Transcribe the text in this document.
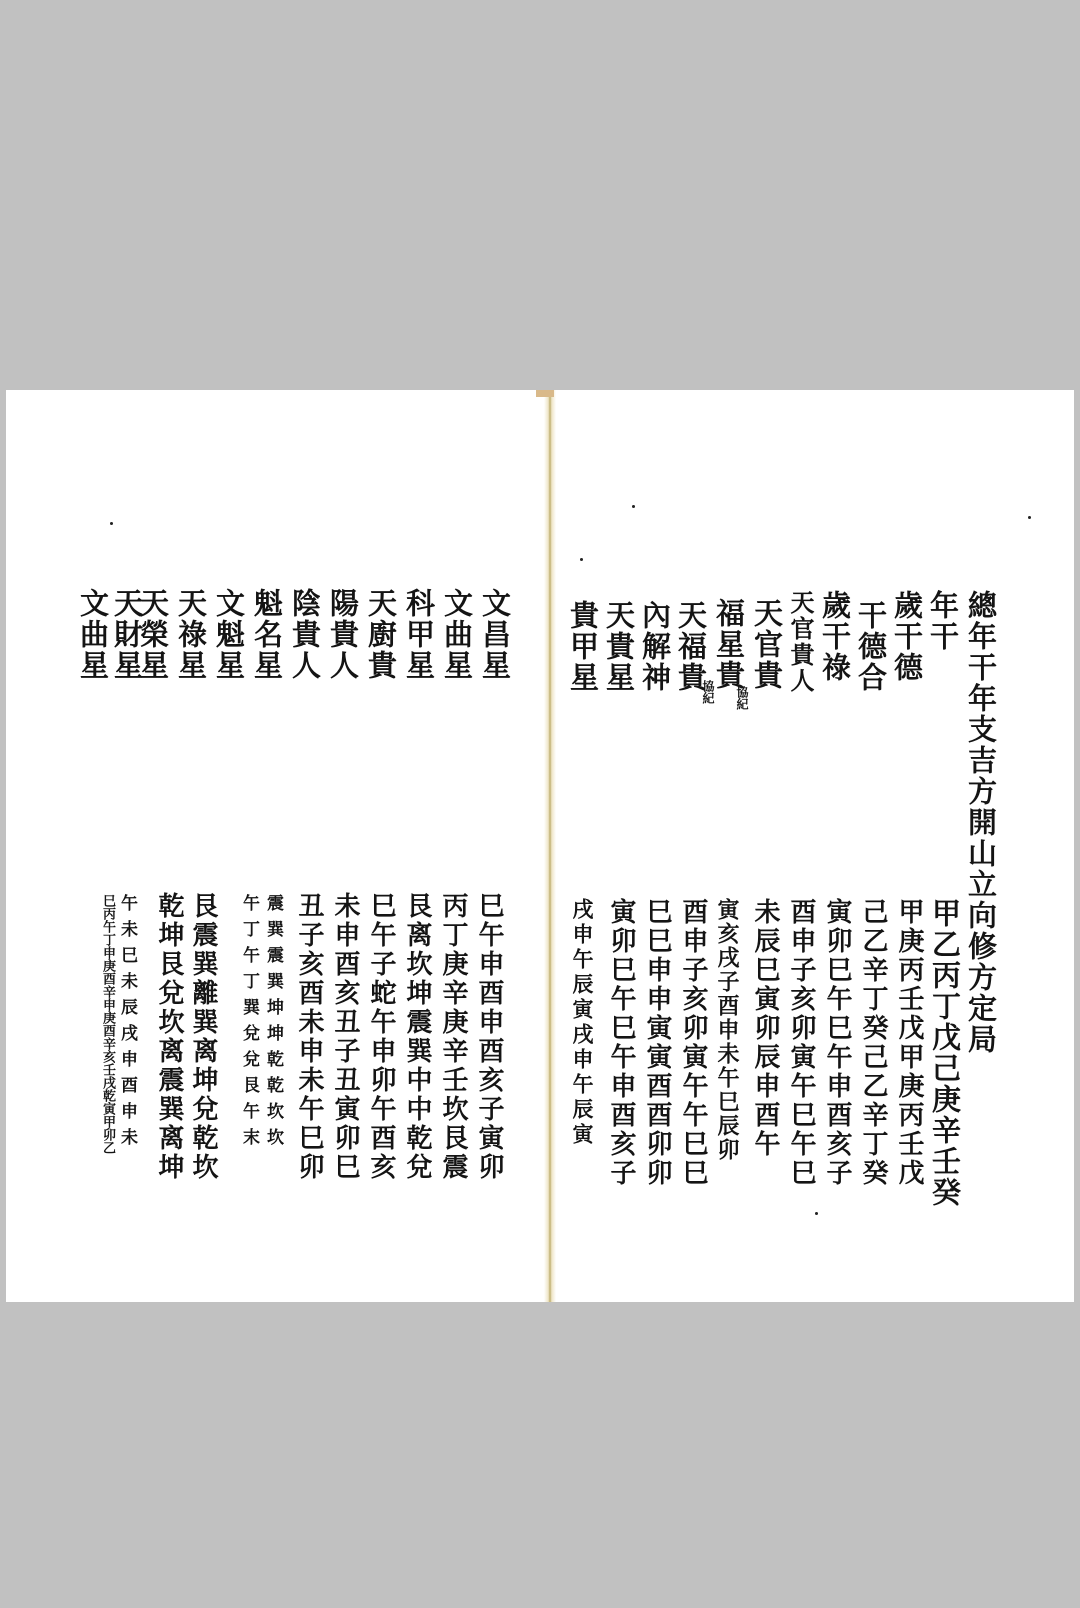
總年干年支吉方開山立向修方定局
年干
歲干德
干德合
歲干祿
天官貴人
天官貴
協紀
福星貴
協紀
天福貴
內解神
天貴星
貴甲星
甲乙丙丁戊己庚辛壬癸
甲庚丙壬戊甲庚丙壬戊
己乙辛丁癸己乙辛丁癸
寅卯巳午巳午申酉亥子
酉申子亥卯寅午巳午巳
未辰巳寅卯辰申酉午
寅亥戌子酉申未午巳辰卯
酉申子亥卯寅午午巳巳
巳巳申申寅寅酉酉卯卯
寅卯巳午巳午申酉亥子
戌申午辰寅戌申午辰寅
文昌星
文曲星
科甲星
天廚貴
陽貴人
陰貴人
魁名星
文魁星
天祿星
天榮星
天財星
文曲星
巳午申酉申酉亥子寅卯
丙丁庚辛庚辛壬坎艮震
艮离坎坤震巽中中乾兌
巳午子蛇午申卯午酉亥
未申酉亥丑子丑寅卯巳
丑子亥酉未申未午巳卯
震巽震巽坤坤乾乾坎坎
午丁午丁巽兌兌艮午末
艮震巽離巽离坤兌乾坎
乾坤艮兌坎离震巽离坤
午未巳未辰戌申酉申未
巳丙午丁申庚酉辛申庚酉辛亥壬戌乾寅甲卯乙
